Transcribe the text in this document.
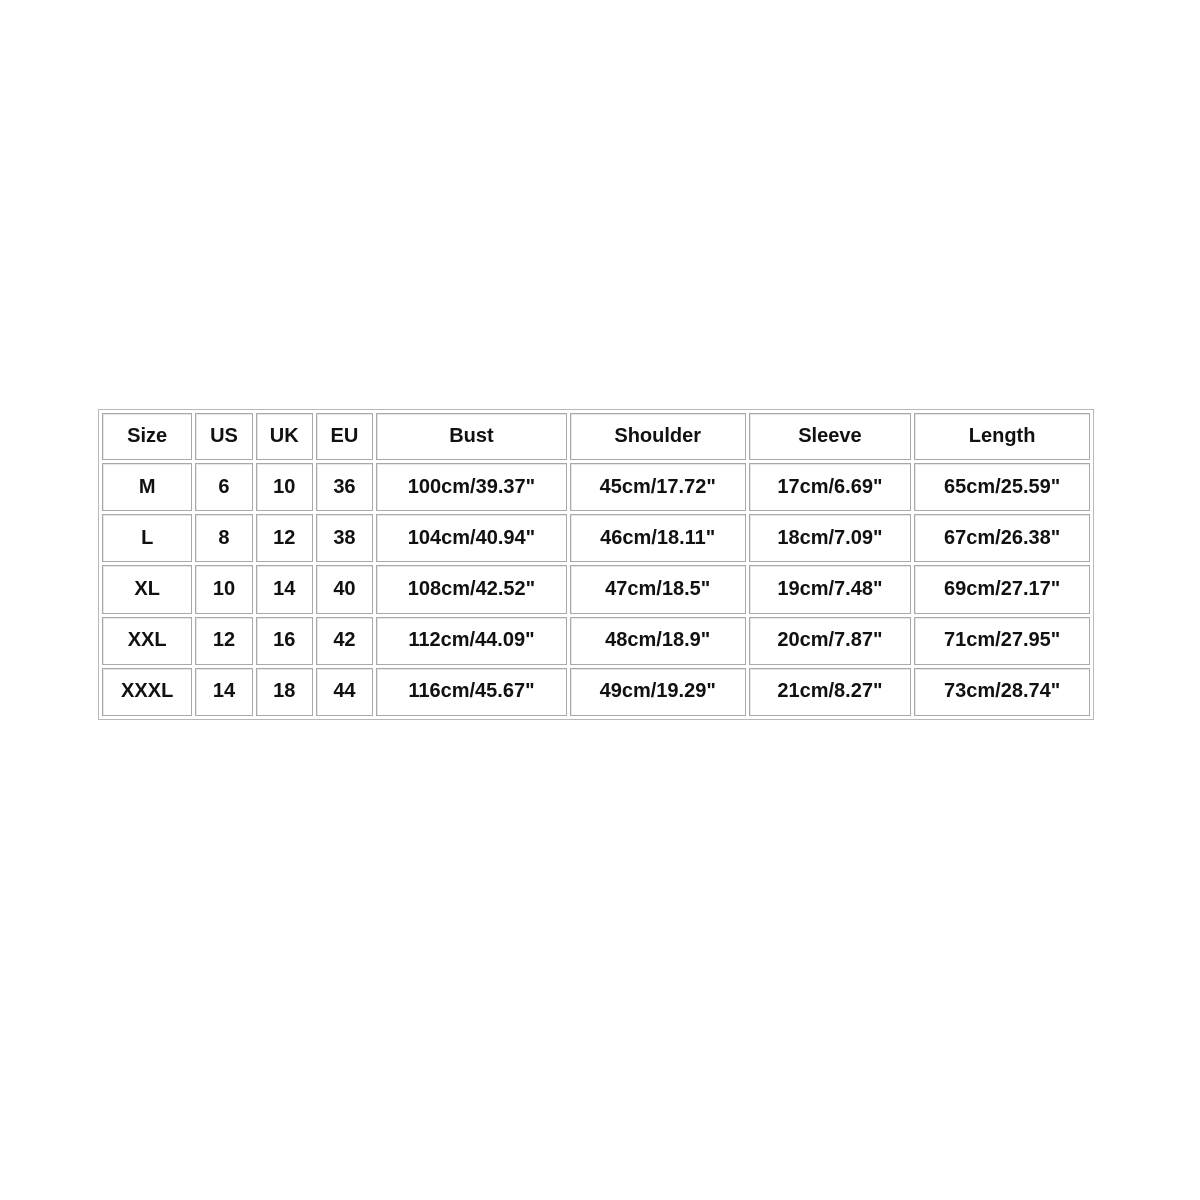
Size	US	UK	EU	Bust	Shoulder	Sleeve	Length
M	6	10	36	100cm/39.37"	45cm/17.72"	17cm/6.69"	65cm/25.59"
L	8	12	38	104cm/40.94"	46cm/18.11"	18cm/7.09"	67cm/26.38"
XL	10	14	40	108cm/42.52"	47cm/18.5"	19cm/7.48"	69cm/27.17"
XXL	12	16	42	112cm/44.09"	48cm/18.9"	20cm/7.87"	71cm/27.95"
XXXL	14	18	44	116cm/45.67"	49cm/19.29"	21cm/8.27"	73cm/28.74"
